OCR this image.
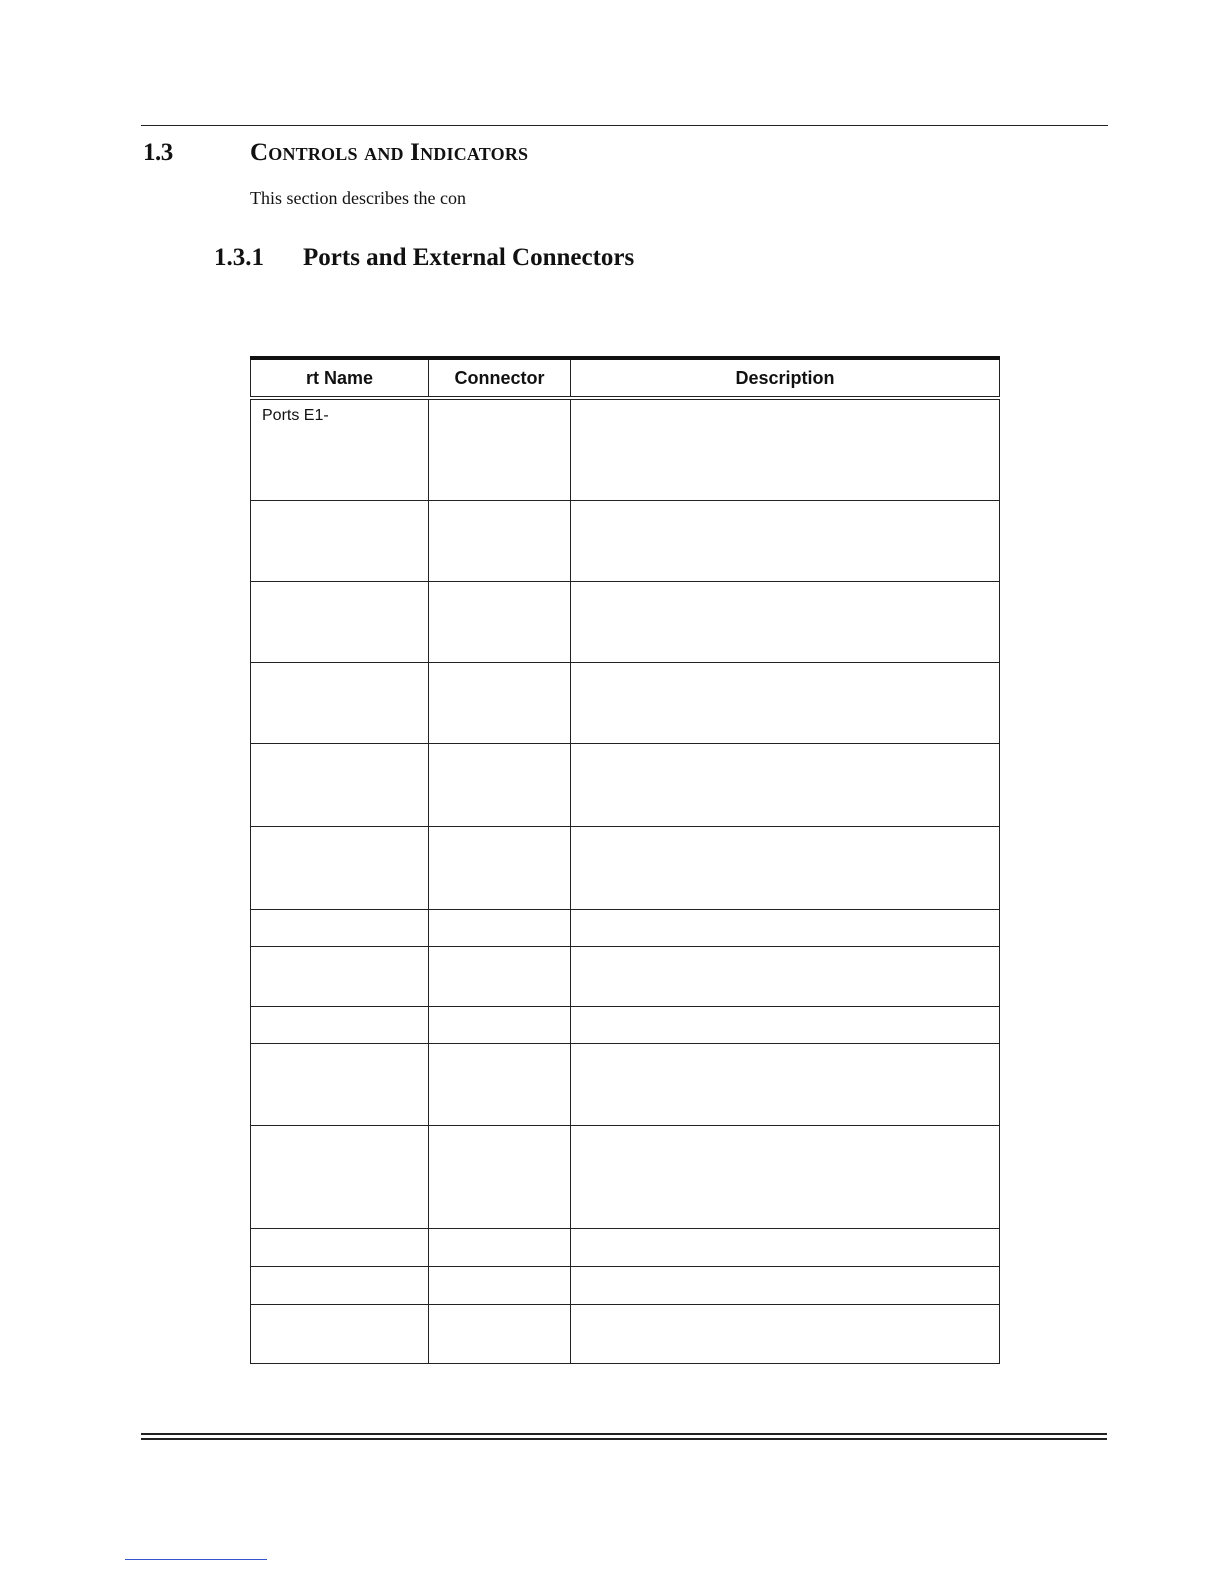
1.3	Controls and Indicators
This section describes the con
1.3.1 Ports and External Connectors
rt Name	Connector	Description

Ports E1-		
